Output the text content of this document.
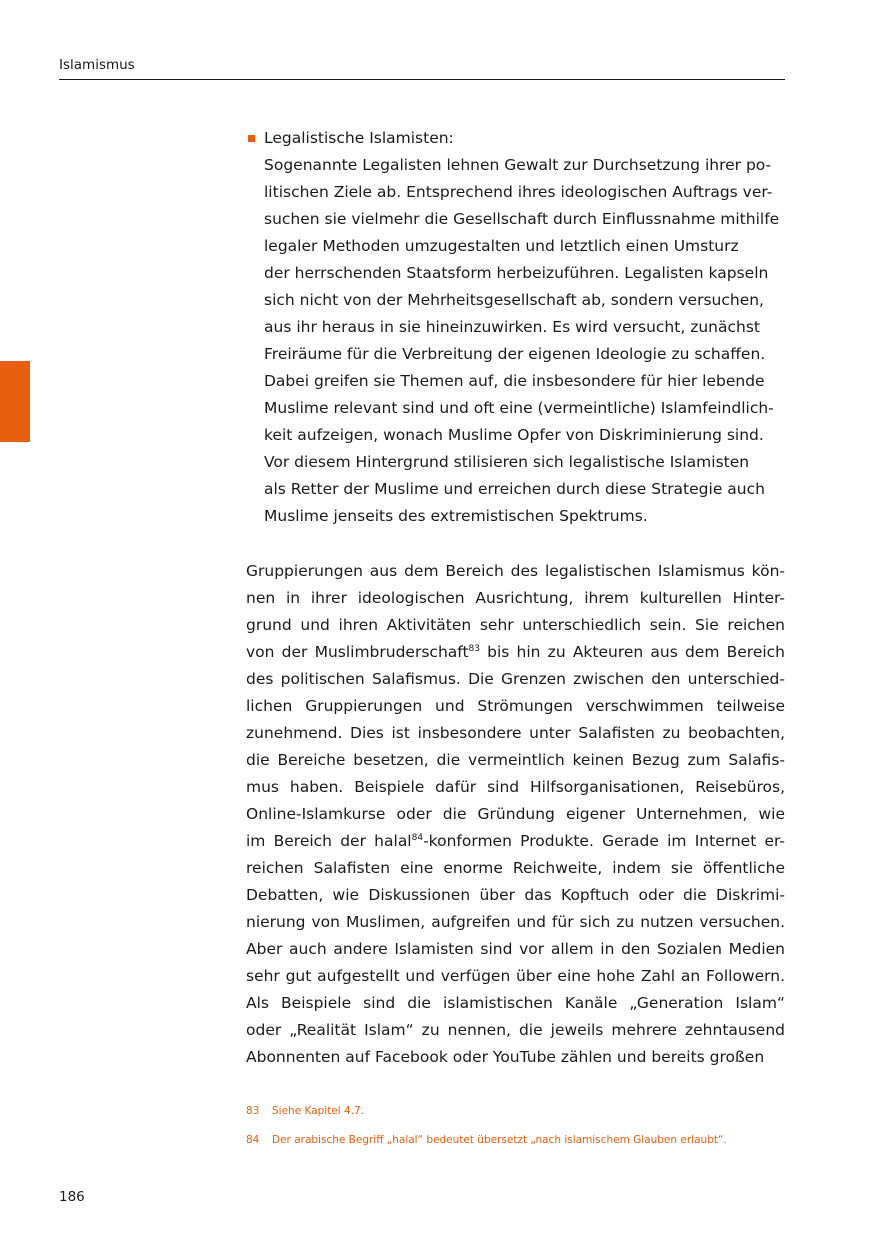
Islamismus
Legalistische Islamisten:
Sogenannte Legalisten lehnen Gewalt zur Durchsetzung ihrer po-
litischen Ziele ab. Entsprechend ihres ideologischen Auftrags ver-
suchen sie vielmehr die Gesellschaft durch Einflussnahme mithilfe
legaler Methoden umzugestalten und letztlich einen Umsturz
der herrschenden Staatsform herbeizuführen. Legalisten kapseln
sich nicht von der Mehrheitsgesellschaft ab, sondern versuchen,
aus ihr heraus in sie hineinzuwirken. Es wird versucht, zunächst
Freiräume für die Verbreitung der eigenen Ideologie zu schaffen.
Dabei greifen sie Themen auf, die insbesondere für hier lebende
Muslime relevant sind und oft eine (vermeintliche) Islamfeindlich-
keit aufzeigen, wonach Muslime Opfer von Diskriminierung sind.
Vor diesem Hintergrund stilisieren sich legalistische Islamisten
als Retter der Muslime und erreichen durch diese Strategie auch
Muslime jenseits des extremistischen Spektrums.
Gruppierungen aus dem Bereich des legalistischen Islamismus kön-
nen in ihrer ideologischen Ausrichtung, ihrem kulturellen Hinter-
grund und ihren Aktivitäten sehr unterschiedlich sein. Sie reichen
von der Muslimbruderschaft$^{83}$ bis hin zu Akteuren aus dem Bereich
des politischen Salafismus. Die Grenzen zwischen den unterschied-
lichen Gruppierungen und Strömungen verschwimmen teilweise
zunehmend. Dies ist insbesondere unter Salafisten zu beobachten,
die Bereiche besetzen, die vermeintlich keinen Bezug zum Salafis-
mus haben. Beispiele dafür sind Hilfsorganisationen, Reisebüros,
Online-Islamkurse oder die Gründung eigener Unternehmen, wie
im Bereich der halal$^{84}$-konformen Produkte. Gerade im Internet er-
reichen Salafisten eine enorme Reichweite, indem sie öffentliche
Debatten, wie Diskussionen über das Kopftuch oder die Diskrimi-
nierung von Muslimen, aufgreifen und für sich zu nutzen versuchen.
Aber auch andere Islamisten sind vor allem in den Sozialen Medien
sehr gut aufgestellt und verfügen über eine hohe Zahl an Followern.
Als Beispiele sind die islamistischen Kanäle „Generation Islam“
oder „Realität Islam“ zu nennen, die jeweils mehrere zehntausend
Abonnenten auf Facebook oder YouTube zählen und bereits großen
83 Siehe Kapitel 4.7.
84 Der arabische Begriff „halal“ bedeutet übersetzt „nach islamischem Glauben erlaubt“.
186
